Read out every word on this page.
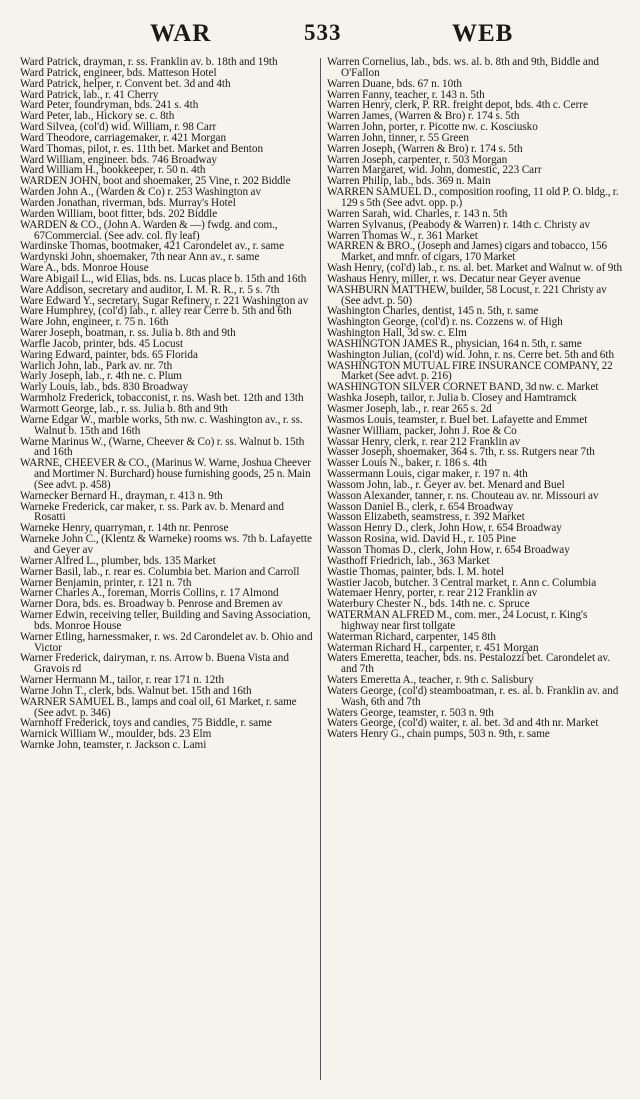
WAR	533	WEB

Ward Patrick, drayman, r. ss. Franklin av. b. 18th and 19th

Ward Patrick, engineer, bds. Matteson Hotel

Ward Patrick, helper, r. Convent bet. 3d and 4th

Ward Patrick, lab., r. 41 Cherry

Ward Peter, foundryman, bds. 241 s. 4th

Ward Peter, lab., Hickory se. c. 8th

Ward Silvea, (col'd) wid. William, r. 98 Carr

Ward Theodore, carriagemaker, r. 421 Morgan

Ward Thomas, pilot, r. es. 11th bet. Market and Benton

Ward William, engineer. bds. 746 Broadway

Ward William H., bookkeeper, r. 50 n. 4th

WARDEN JOHN, boot and shoemaker, 25 Vine, r. 202 Biddle

Warden John A., (Warden & Co) r. 253 Washington av

Warden Jonathan, riverman, bds. Murray's Hotel

Warden William, boot fitter, bds. 202 Biddle

WARDEN & CO., (John A. Warden & —) fwdg. and com., 67Commercial. (See adv. col. fly leaf)

Wardinske Thomas, bootmaker, 421 Carondelet av., r. same

Wardynski John, shoemaker, 7th near Ann av., r. same

Ware A., bds. Monroe House

Ware Abigail L., wid Elias, bds. ns. Lucas place b. 15th and 16th

Ware Addison, secretary and auditor, I. M. R. R., r. 5 s. 7th

Ware Edward Y., secretary, Sugar Refinery, r. 221 Washington av

Ware Humphrey, (col'd) lab., r. alley rear Cerre b. 5th and 6th

Ware John, engineer, r. 75 n. 16th

Warer Joseph, boatman, r. ss. Julia b. 8th and 9th

Warfle Jacob, printer, bds. 45 Locust

Waring Edward, painter, bds. 65 Florida

Warlich John, lab., Park av. nr. 7th

Warly Joseph, lab., r. 4th ne. c. Plum

Warly Louis, lab., bds. 830 Broadway

Warmholz Frederick, tobacconist, r. ns. Wash bet. 12th and 13th

Warmott George, lab., r. ss. Julia b. 8th and 9th

Warne Edgar W., marble works, 5th nw. c. Washington av., r. ss. Walnut b. 15th and 16th

Warne Marinus W., (Warne, Cheever & Co) r. ss. Walnut b. 15th and 16th

WARNE, CHEEVER & CO., (Marinus W. Warne, Joshua Cheever and Mortimer N. Burchard) house furnishing goods, 25 n. Main (See advt. p. 458)

Warnecker Bernard H., drayman, r. 413 n. 9th

Warneke Frederick, car maker, r. ss. Park av. b. Menard and Rosatti

Warneke Henry, quarryman, r. 14th nr. Penrose

Warneke John C., (Klentz & Warneke) rooms ws. 7th b. Lafayette and Geyer av

Warner Alfred L., plumber, bds. 135 Market

Warner Basil, lab., r. rear es. Columbia bet. Marion and Carroll

Warner Benjamin, printer, r. 121 n. 7th

Warner Charles A., foreman, Morris Collins, r. 17 Almond

Warner Dora, bds. es. Broadway b. Penrose and Bremen av

Warner Edwin, receiving teller, Building and Saving Association, bds. Monroe House

Warner Etling, harnessmaker, r. ws. 2d Carondelet av. b. Ohio and Victor

Warner Frederick, dairyman, r. ns. Arrow b. Buena Vista and Gravois rd

Warner Hermann M., tailor, r. rear 171 n. 12th

Warne John T., clerk, bds. Walnut bet. 15th and 16th

WARNER SAMUEL B., lamps and coal oil, 61 Market, r. same (See advt. p. 346)

Warnhoff Frederick, toys and candies, 75 Biddle, r. same

Warnick William W., moulder, bds. 23 Elm

Warnke John, teamster, r. Jackson c. Lami

Warren Cornelius, lab., bds. ws. al. b. 8th and 9th, Biddle and O'Fallon

Warren Duane, bds. 67 n. 10th

Warren Fanny, teacher, r. 143 n. 5th

Warren Henry, clerk, P. RR. freight depot, bds. 4th c. Cerre

Warren James, (Warren & Bro) r. 174 s. 5th

Warren John, porter, r. Picotte nw. c. Kosciusko

Warren John, tinner, r. 55 Green

Warren Joseph, (Warren & Bro) r. 174 s. 5th

Warren Joseph, carpenter, r. 503 Morgan

Warren Margaret, wid. John, domestic, 223 Carr

Warren Philip, lab., bds. 369 n. Main

WARREN SAMUEL D., composition roofing, 11 old P. O. bldg., r. 129 s 5th (See advt. opp. p.)

Warren Sarah, wid. Charles, r. 143 n. 5th

Warren Sylvanus, (Peabody & Warren) r. 14th c. Christy av

Warren Thomas W., r. 361 Market

WARREN & BRO., (Joseph and James) cigars and tobacco, 156 Market, and mnfr. of cigars, 170 Market

Wash Henry, (col'd) lab., r. ns. al. bet. Market and Walnut w. of 9th

Washaus Henry, miller, r. ws. Decatur near Geyer avenue

WASHBURN MATTHEW, builder, 58 Locust, r. 221 Christy av (See advt. p. 50)

Washington Charles, dentist, 145 n. 5th, r. same

Washington George, (col'd) r. ns. Cozzens w. of High

Washington Hall, 3d sw. c. Elm

WASHINGTON JAMES R., physician, 164 n. 5th, r. same

Washington Julian, (col'd) wid. John, r. ns. Cerre bet. 5th and 6th

WASHINGTON MUTUAL FIRE INSURANCE COMPANY, 22 Market (See advt. p. 216)

WASHINGTON SILVER CORNET BAND, 3d nw. c. Market

Washka Joseph, tailor, r. Julia b. Closey and Hamtramck

Wasmer Joseph, lab., r. rear 265 s. 2d

Wasmos Louis, teamster, r. Buel bet. Lafayette and Emmet

Wasner William, packer, John J. Roe & Co

Wassar Henry, clerk, r. rear 212 Franklin av

Wasser Joseph, shoemaker, 364 s. 7th, r. ss. Rutgers near 7th

Wasser Louis N., baker, r. 186 s. 4th

Wassermann Louis, cigar maker, r. 197 n. 4th

Wassom John, lab., r. Geyer av. bet. Menard and Buel

Wasson Alexander, tanner, r. ns. Chouteau av. nr. Missouri av

Wasson Daniel B., clerk, r. 654 Broadway

Wasson Elizabeth, seamstress, r. 392 Market

Wasson Henry D., clerk, John How, r. 654 Broadway

Wasson Rosina, wid. David H., r. 105 Pine

Wasson Thomas D., clerk, John How, r. 654 Broadway

Wasthoff Friedrich, lab., 363 Market

Wastie Thomas, painter, bds. I. M. hotel

Wastier Jacob, butcher. 3 Central market, r. Ann c. Columbia

Watemaer Henry, porter, r. rear 212 Franklin av

Waterbury Chester N., bds. 14th ne. c. Spruce

WATERMAN ALFRED M., com. mer., 24 Locust, r. King's highway near first tollgate

Waterman Richard, carpenter, 145 8th

Waterman Richard H., carpenter, r. 451 Morgan

Waters Emeretta, teacher, bds. ns. Pestalozzi bet. Carondelet av. and 7th

Waters Emeretta A., teacher, r. 9th c. Salisbury

Waters George, (col'd) steamboatman, r. es. al. b. Franklin av. and Wash, 6th and 7th

Waters George, teamster, r. 503 n. 9th

Waters George, (col'd) waiter, r. al. bet. 3d and 4th nr. Market

Waters Henry G., chain pumps, 503 n. 9th, r. same
